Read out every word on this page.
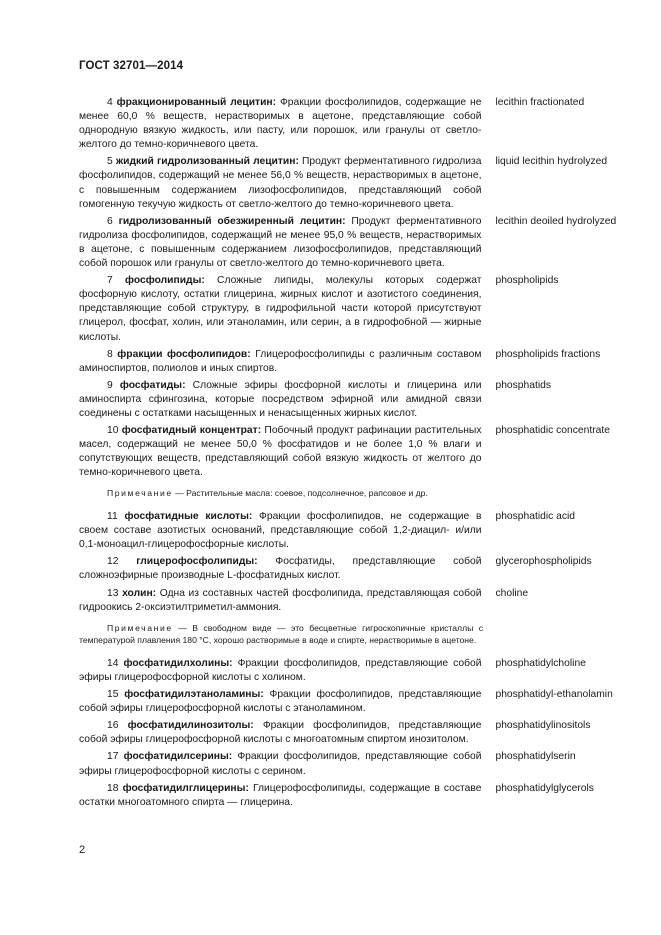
ГОСТ 32701—2014
4 фракционированный лецитин: Фракции фосфолипидов, содержащие не менее 60,0 % веществ, нерастворимых в ацетоне, представляющие собой однородную вязкую жидкость, или пасту, или порошок, или гранулы от светло-желтого до темно-коричневого цвета.
lecithin fractionated
5 жидкий гидролизованный лецитин: Продукт ферментативного гидролиза фосфолипидов, содержащий не менее 56,0 % веществ, нерастворимых в ацетоне, с повышенным содержанием лизофосфолипидов, представляющий собой гомогенную текучую жидкость от светло-желтого до темно-коричневого цвета.
liquid lecithin hydrolyzed
6 гидролизованный обезжиренный лецитин: Продукт ферментативного гидролиза фосфолипидов, содержащий не менее 95,0 % веществ, нерастворимых в ацетоне, с повышенным содержанием лизофосфолипидов, представляющий собой порошок или гранулы от светло-желтого до темно-коричневого цвета.
lecithin deoiled hydrolyzed
7 фосфолипиды: Сложные липиды, молекулы которых содержат фосфорную кислоту, остатки глицерина, жирных кислот и азотистого соединения, представляющие собой структуру, в гидрофильной части которой присутствуют глицерол, фосфат, холин, или этаноламин, или серин, а в гидрофобной — жирные кислоты.
phospholipids
8 фракции фосфолипидов: Глицерофосфолипиды с различным составом аминоспиртов, полиолов и иных спиртов.
phospholipids fractions
9 фосфатиды: Сложные эфиры фосфорной кислоты и глицерина или аминоспирта сфингозина, которые посредством эфирной или амидной связи соединены с остатками насыщенных и ненасыщенных жирных кислот.
phosphatids
10 фосфатидный концентрат: Побочный продукт рафинации растительных масел, содержащий не менее 50,0 % фосфатидов и не более 1,0 % влаги и сопутствующих веществ, представляющий собой вязкую жидкость от желтого до темно-коричневого цвета.
phosphatidic concentrate
Примечание — Растительные масла: соевое, подсолнечное, рапсовое и др.
11 фосфатидные кислоты: Фракции фосфолипидов, не содержащие в своем составе азотистых оснований, представляющие собой 1,2-диацил- и/или 0,1-моноацил-глицерофосфорные кислоты.
phosphatidic acid
12 глицерофосфолипиды: Фосфатиды, представляющие собой сложноэфирные производные L-фосфатидных кислот.
glycerophospholipids
13 холин: Одна из составных частей фосфолипида, представляющая собой гидроокись 2-оксиэтилтриметил-аммония.
choline
Примечание — В свободном виде — это бесцветные гигроскопичные кристаллы с температурой плавления 180 °С, хорошо растворимые в воде и спирте, нерастворимые в ацетоне.
14 фосфатидилхолины: Фракции фосфолипидов, представляющие собой эфиры глицерофосфорной кислоты с холином.
phosphatidylcholine
15 фосфатидилэтаноламины: Фракции фосфолипидов, представляющие собой эфиры глицерофосфорной кислоты с этаноламином.
phosphatidyl-ethanolamin
16 фосфатидилинозитолы: Фракции фосфолипидов, представляющие собой эфиры глицерофосфорной кислоты с многоатомным спиртом инозитолом.
phosphatidylinositols
17 фосфатидилсерины: Фракции фосфолипидов, представляющие собой эфиры глицерофосфорной кислоты с серином.
phosphatidylserin
18 фосфатидилглицерины: Глицерофосфолипиды, содержащие в составе остатки многоатомного спирта — глицерина.
phosphatidylglycerols
2
